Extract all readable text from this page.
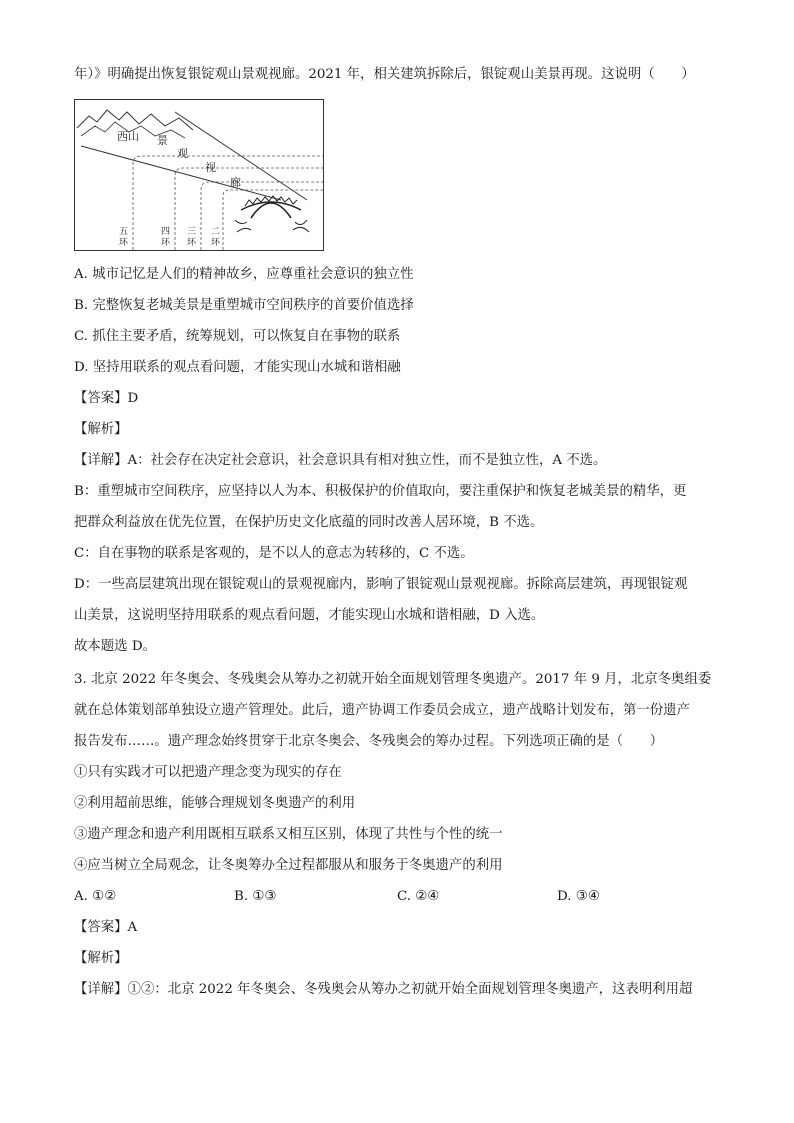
年）》明确提出恢复银锭观山景观视廊。2021 年，相关建筑拆除后，银锭观山美景再现。这说明（　　）
西山 景
观
视
廊
五环
四环
三环
二环
A. 城市记忆是人们的精神故乡，应尊重社会意识的独立性
B. 完整恢复老城美景是重塑城市空间秩序的首要价值选择
C. 抓住主要矛盾，统筹规划，可以恢复自在事物的联系
D. 坚持用联系的观点看问题，才能实现山水城和谐相融
【答案】D
【解析】
【详解】A：社会存在决定社会意识，社会意识具有相对独立性，而不是独立性，A 不选。
B：重塑城市空间秩序，应坚持以人为本、积极保护的价值取向，要注重保护和恢复老城美景的精华，更
把群众利益放在优先位置，在保护历史文化底蕴的同时改善人居环境，B 不选。
C：自在事物的联系是客观的，是不以人的意志为转移的，C 不选。
D：一些高层建筑出现在银锭观山的景观视廊内，影响了银锭观山景观视廊。拆除高层建筑，再现银锭观
山美景，这说明坚持用联系的观点看问题，才能实现山水城和谐相融，D 入选。
故本题选 D。
3. 北京 2022 年冬奥会、冬残奥会从筹办之初就开始全面规划管理冬奥遗产。2017 年 9 月，北京冬奥组委
就在总体策划部单独设立遗产管理处。此后，遗产协调工作委员会成立，遗产战略计划发布，第一份遗产
报告发布……。遗产理念始终贯穿于北京冬奥会、冬残奥会的筹办过程。下列选项正确的是（　　）
①只有实践才可以把遗产理念变为现实的存在
②利用超前思维，能够合理规划冬奥遗产的利用
③遗产理念和遗产利用既相互联系又相互区别，体现了共性与个性的统一
④应当树立全局观念，让冬奥筹办全过程都服从和服务于冬奥遗产的利用
A. ①②	B. ①③	C. ②④	D. ③④
【答案】A
【解析】
【详解】①②：北京 2022 年冬奥会、冬残奥会从筹办之初就开始全面规划管理冬奥遗产，这表明利用超
